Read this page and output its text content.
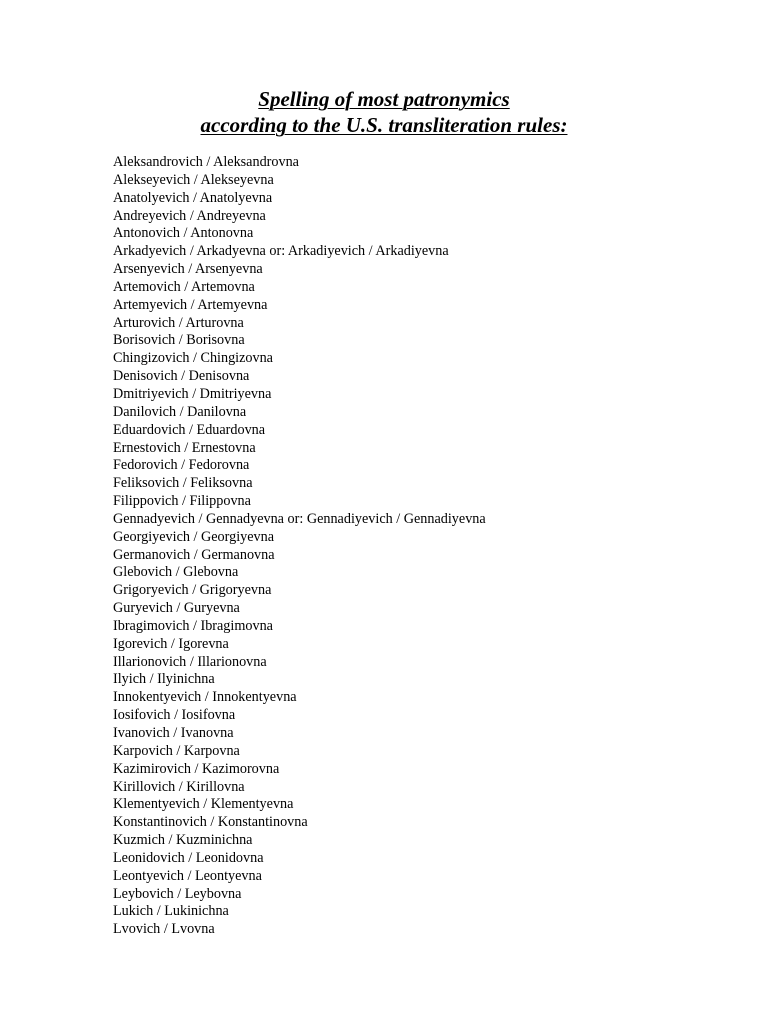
Spelling of most patronymics
according to the U.S. transliteration rules:
Aleksandrovich / Aleksandrovna
Alekseyevich / Alekseyevna
Anatolyevich / Anatolyevna
Andreyevich / Andreyevna
Antonovich / Antonovna
Arkadyevich / Arkadyevna or: Arkadiyevich / Arkadiyevna
Arsenyevich / Arsenyevna
Artemovich / Artemovna
Artemyevich / Artemyevna
Arturovich / Arturovna
Borisovich / Borisovna
Chingizovich / Chingizovna
Denisovich / Denisovna
Dmitriyevich / Dmitriyevna
Danilovich / Danilovna
Eduardovich / Eduardovna
Ernestovich / Ernestovna
Fedorovich / Fedorovna
Feliksovich / Feliksovna
Filippovich / Filippovna
Gennadyevich / Gennadyevna or: Gennadiyevich / Gennadiyevna
Georgiyevich / Georgiyevna
Germanovich / Germanovna
Glebovich / Glebovna
Grigoryevich / Grigoryevna
Guryevich / Guryevna
Ibragimovich / Ibragimovna
Igorevich / Igorevna
Illarionovich / Illarionovna
Ilyich / Ilyinichna
Innokentyevich / Innokentyevna
Iosifovich / Iosifovna
Ivanovich / Ivanovna
Karpovich / Karpovna
Kazimirovich / Kazimorovna
Kirillovich / Kirillovna
Klementyevich / Klementyevna
Konstantinovich / Konstantinovna
Kuzmich / Kuzminichna
Leonidovich / Leonidovna
Leontyevich / Leontyevna
Leybovich / Leybovna
Lukich / Lukinichna
Lvovich / Lvovna
